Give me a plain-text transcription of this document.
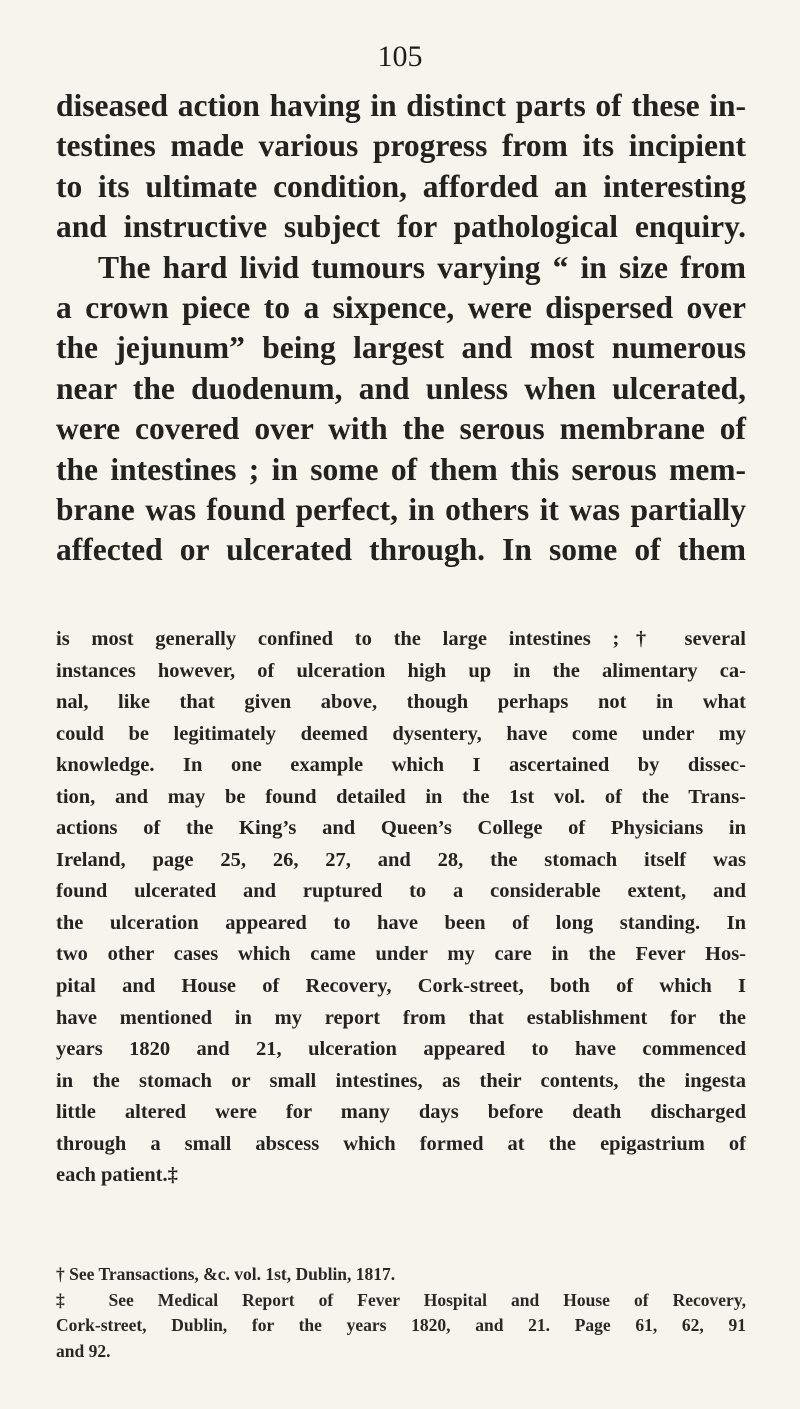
105
diseased action having in distinct parts of these in-
testines made various progress from its incipient
to its ultimate condition, afforded an interesting
and instructive subject for pathological enquiry.
The hard livid tumours varying “ in size from
a crown piece to a sixpence, were dispersed over
the jejunum” being largest and most numerous
near the duodenum, and unless when ulcerated,
were covered over with the serous membrane of
the intestines ; in some of them this serous mem-
brane was found perfect, in others it was partially
affected or ulcerated through. In some of them
is most generally confined to the large intestines ;† several
instances however, of ulceration high up in the alimentary ca-
nal, like that given above, though perhaps not in what
could be legitimately deemed dysentery, have come under my
knowledge. In one example which I ascertained by dissec-
tion, and may be found detailed in the 1st vol. of the Trans-
actions of the King’s and Queen’s College of Physicians in
Ireland, page 25, 26, 27, and 28, the stomach itself was
found ulcerated and ruptured to a considerable extent, and
the ulceration appeared to have been of long standing. In
two other cases which came under my care in the Fever Hos-
pital and House of Recovery, Cork-street, both of which I
have mentioned in my report from that establishment for the
years 1820 and 21, ulceration appeared to have commenced
in the stomach or small intestines, as their contents, the ingesta
little altered were for many days before death discharged
through a small abscess which formed at the epigastrium of
each patient.‡
† See Transactions, &c. vol. 1st, Dublin, 1817.
‡ See Medical Report of Fever Hospital and House of Recovery,
Cork-street, Dublin, for the years 1820, and 21. Page 61, 62, 91
and 92.
